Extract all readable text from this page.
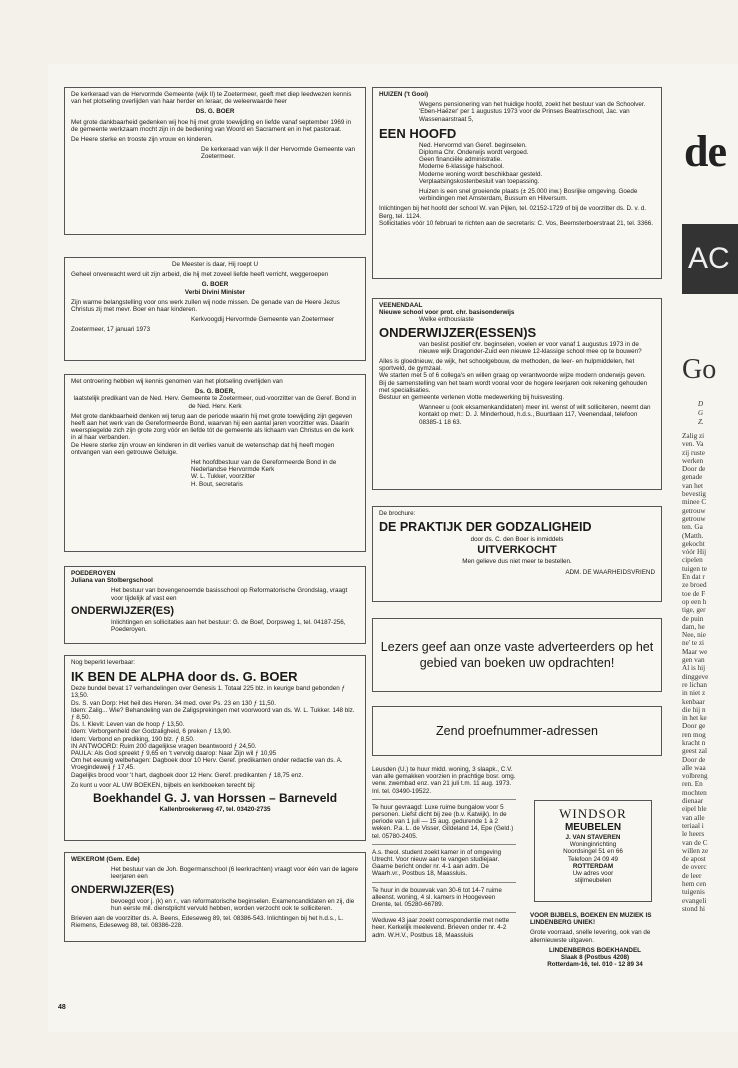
De kerkeraad van de Hervormde Gemeente (wijk II) te Zoetermeer, geeft met diep leedwezen kennis van het plotseling overlijden van haar herder en leraar, de weleerwaarde heer

DS. G. BOER

Met grote dankbaarheid gedenken wij hoe hij met grote toewijding en liefde vanaf september 1969 in de gemeente werkzaam mocht zijn in de bediening van Woord en Sacrament en in het pastoraat.

De Heere sterke en trooste zijn vrouw en kinderen.

De kerkeraad van wijk II der Hervormde Gemeente van Zoetermeer.

De Meester is daar, Hij roept U

Geheel onverwacht werd uit zijn arbeid, die hij met zoveel liefde heeft verricht, weggeroepen

G. BOER

Verbi Divini Minister

Zijn warme belangstelling voor ons werk zullen wij node missen. De genade van de Heere Jezus Christus zij met mevr. Boer en haar kinderen.

Kerkvoogdij Hervormde Gemeente van Zoetermeer

Zoetermeer, 17 januari 1973

Met ontroering hebben wij kennis genomen van het plotseling overlijden van

Ds. G. BOER,

laatstelijk predikant van de Ned. Herv. Gemeente te Zoetermeer, oud-voorzitter van de Geref. Bond in de Ned. Herv. Kerk

Met grote dankbaarheid denken wij terug aan de periode waarin hij met grote toewijding zijn gegeven heeft aan het werk van de Gereformeerde Bond, waarvan hij een aantal jaren voorzitter was. Daarin weerspiegelde zich zijn grote zorg vóór en liefde tót de gemeente als lichaam van Christus en de kerk in al haar verbanden.

De Heere sterke zijn vrouw en kinderen in dit verlies vanuit de wetenschap dat hij heeft mogen ontvangen van een getrouwe Getuige.

Het hoofdbestuur van de Gereformeerde Bond in de Nederlandse Hervormde Kerk

W. L. Tukker, voorzitter

H. Bout, secretaris

POEDEROYEN

Juliana van Stolbergschool

Het bestuur van bovengenoemde basisschool op Reformatorische Grondslag, vraagt voor tijdelijk af vast een

ONDERWIJZER(ES)

Inlichtingen en sollicitaties aan het bestuur: G. de Boef, Dorpsweg 1, tel. 04187-256, Poederoyen.

Nog beperkt leverbaar:

IK BEN DE ALPHA door ds. G. BOER

Deze bundel bevat 17 verhandelingen over Genesis 1. Totaal 225 blz. in keurige band gebonden ƒ 13,50.

Ds. S. van Dorp: Het heil des Heren. 34 med. over Ps. 23 en 130 ƒ 11,50.

Idem: Zalig... Wie? Behandeling van de Zaligsprekingen met voorwoord van ds. W. L. Tukker. 148 blz. ƒ 8,50.

Ds. I. Klevit: Leven van de hoop ƒ 13,50.

Idem: Verborgenheld der Godzaligheid, 6 preken ƒ 13,90.

Idem: Verbond en prediking, 190 blz. ƒ 8,50.

IN ANTWOORD: Ruim 200 dagelijkse vragen beantwoord ƒ 24,50.

PAULA: Als God spreekt ƒ 9,65 en 't vervolg daarop: Naar Zijn wil ƒ 10,95

Om het eeuwig welbehagen: Dagboek door 10 Herv. Geref. predikanten onder redactie van ds. A. Vroegindeweij ƒ 17,45.

Dagelijks brood voor 't hart, dagboek door 12 Herv. Geref. predikanten ƒ 18,75 enz.

Zo kunt u voor AL UW BOEKEN, bijbels en kerkboeken terecht bij:

Boekhandel G. J. van Horssen – Barneveld

Kallenbroekerweg 47, tel. 03420-2735

WEKEROM (Gem. Ede)

Het bestuur van de Joh. Bogermanschool (6 leerkrachten) vraagt voor één van de lagere leerjaren een

ONDERWIJZER(ES)

bevoegd voor j. (k) en r., van reformatorische beginselen. Examencandidaten en zij, die hun eerste mil. dienstplicht vervuld hebben, worden verzocht ook te solliciteren.

Brieven aan de voorzitter ds. A. Beens, Edeseweg 89, tel. 08386-543. Inlichtingen bij het h.d.s., L. Riemens, Edeseweg 88, tel. 08386-228.

48

HUIZEN ('t Gooi)

Wegens pensionering van het huidige hoofd, zoekt het bestuur van de Schoolver. 'Eben-Haëzer' per 1 augustus 1973 voor de Prinses Beatrixschool, Jac. van Wassenaarstraat 5,

EEN HOOFD

Ned. Hervormd van Geref. beginselen.

Diploma Chr. Onderwijs wordt vergoed.

Geen financiële administratie.

Moderne 6-klassige halschool.

Moderne woning wordt beschikbaar gesteld.

Verplaatsingskostenbesluit van toepassing.

Huizen is een snel groeiende plaats (± 25.000 inw.) Bosrijke omgeving. Goede verbindingen met Amsterdam, Bussum en Hilversum.

Inlichtingen bij het hoofd der school W. van Pijlen, tel. 02152-1729 of bij de voorzitter ds. D. v. d. Berg, tel. 1124.

Sollicitaties vóór 10 februari te richten aan de secretaris: C. Vos, Beemsterboerstraat 21, tel. 3366.

VEENENDAAL

Nieuwe school voor prot. chr. basisonderwijs

Welke enthousiaste

ONDERWIJZER(ESSEN)S

van beslist positief chr. beginselen, voelen er voor vanaf 1 augustus 1973 in de nieuwe wijk Dragonder-Zuid een nieuwe 12-klassige school mee op te bouwen?

Alles is gloednieuw, de wijk, het schoolgebouw, de methoden, de leer- en hulpmiddelen, het sportveld, de gymzaal.

We starten met 5 of 6 collega's en willen graag op verantwoorde wijze modern onderwijs geven.

Bij de samenstelling van het team wordt vooral voor de hogere leerjaren ook rekening gehouden met specialisaties.

Bestuur en gemeente verlenen vlotte medewerking bij huisvesting.

Wanneer u (ook eksamenkandidaten) meer inl. wenst of wilt solliciteren, neemt dan kontakt op met:: D. J. Minderhoud, h.d.s., Buurtlaan 117, Veenendaal, telefoon 08385-1 18 63.

De brochure:

DE PRAKTIJK DER GODZALIGHEID

door ds. C. den Boer is inmiddels

UITVERKOCHT

Men gelieve dus niet meer te bestellen.

ADM. DE WAARHEIDSVRIEND

Lezers geef aan onze vaste adverteerders op het gebied van boeken uw opdrachten!

Zend proefnummer-adressen

Leusden (U.) te huur midd. woning, 3 slaapk., C.V. van alle gemakken voorzien in prachtige bosr. omg. verw. zwembad enz. van 21 juli t.m. 11 aug. 1973. Inl. tel. 03490-19522.

Te huur gevraagd: Luxe ruime bungalow voor 5 personen. Liefst dicht bij zee (b.v. Katwijk). In de periode van 1 juli — 15 aug. gedurende 1 à 2 weken. P.a. L. de Visser, Gildeland 14, Epe (Geld.) tel. 05780-2405.

A.s. theol. student zoekt kamer in of omgeving Utrecht. Voor nieuw aan te vangen studiejaar. Gaarne bericht onder nr. 4-1 aan adm. De Waarh.vr., Postbus 18, Maassluis.

Te huur in de bouwvak van 30-6 tot 14-7 ruime alleenst. woning, 4 sl. kamers in Hoogeveen Drente, tel. 05280-66789.

Weduwe 43 jaar zoekt correspondentie met nette heer. Kerkelijk meelevend. Brieven onder nr. 4-2 adm. W.H.V., Postbus 18, Maassluis

WINDSOR

MEUBELEN

J. VAN STAVEREN

Woninginrichting

Noordsingel 51 en 66

Telefoon 24 09 49

ROTTERDAM

Uw adres voor

stijlmeubelen

VOOR BIJBELS, BOEKEN EN MUZIEK IS LINDENBERG UNIEK!

Grote voorraad, snelle levering, ook van de allernieuwste uitgaven.

LINDENBERGS BOEKHANDEL

Slaak 8 (Postbus 4208)

Rotterdam-16, tel. 010 - 12 89 34

de
AC
Go
D
G
Z.
Zalig zi
ven. Va
zij ruste
werken
Door de
genade
van het
bevestig
minee C
getrouw
getrouw
ten. Ga
(Matth.
gekocht
vóór Hij
cipelen
tuigen te
En dat r
ze broed
toe de F
op een h
tige, ger
de puin
dam, he
Nee, nie
ne' te zi
Maar we
gen van
Al is hij
dinggeve
re lichan
in niet z
kenbaar
die hij n
in het ke
Door ge
ren mog
kracht n
geest zal
Door de
alle waa
volbreng
ren. En
mochten
dienaar
eipel ble
van alle
teriaal i
le heers
van de C
willen ze
de apost
de overc
de leer
hem cen
tuigenis
evangeli
stond hi
